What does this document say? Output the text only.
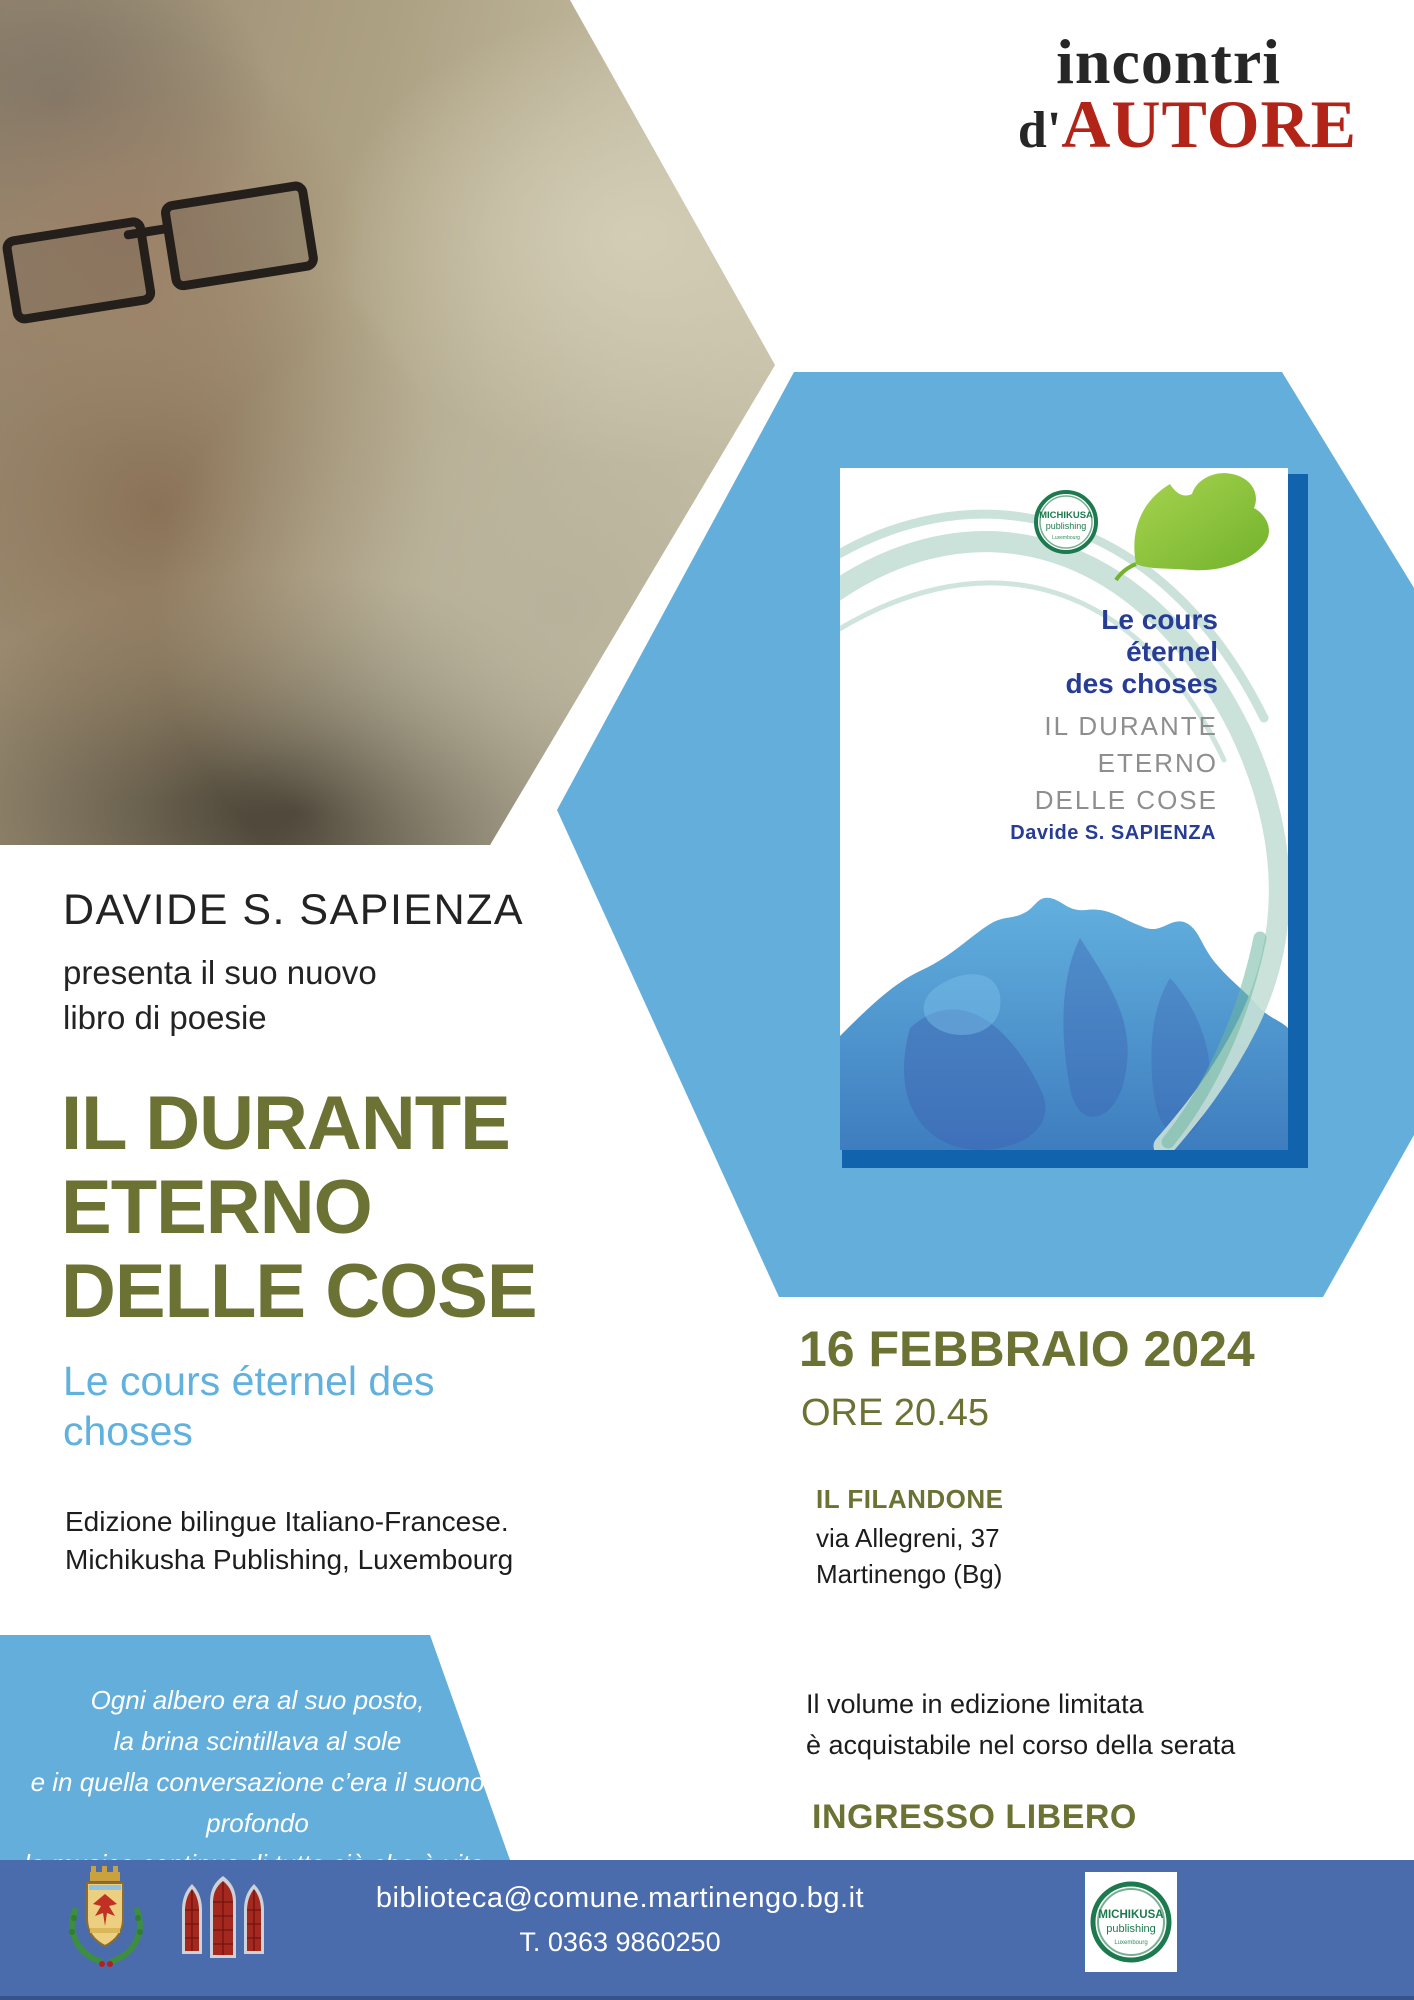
incontri
d' AUTORE
MICHIKUSA
publishing
Luxembourg
Le cours
éternel
des choses
IL DURANTE
ETERNO
DELLE COSE
Davide S. SAPIENZA
DAVIDE S. SAPIENZA
presenta il suo nuovo
libro di poesie
IL DURANTE
ETERNO
DELLE COSE
Le cours éternel des
choses
Edizione bilingue Italiano-Francese.
Michikusha Publishing, Luxembourg
16 FEBBRAIO 2024
ORE 20.45
IL FILANDONE
via Allegreni, 37
Martinengo (Bg)
Il volume in edizione limitata
è acquistabile nel corso della serata
INGRESSO LIBERO
Ogni albero era al suo posto,
la brina scintillava al sole
e in quella conversazione c’era il suono profondo
biblioteca@comune.martinengo.bg.it
T. 0363 9860250
MICHIKUSA
publishing
Luxembourg
